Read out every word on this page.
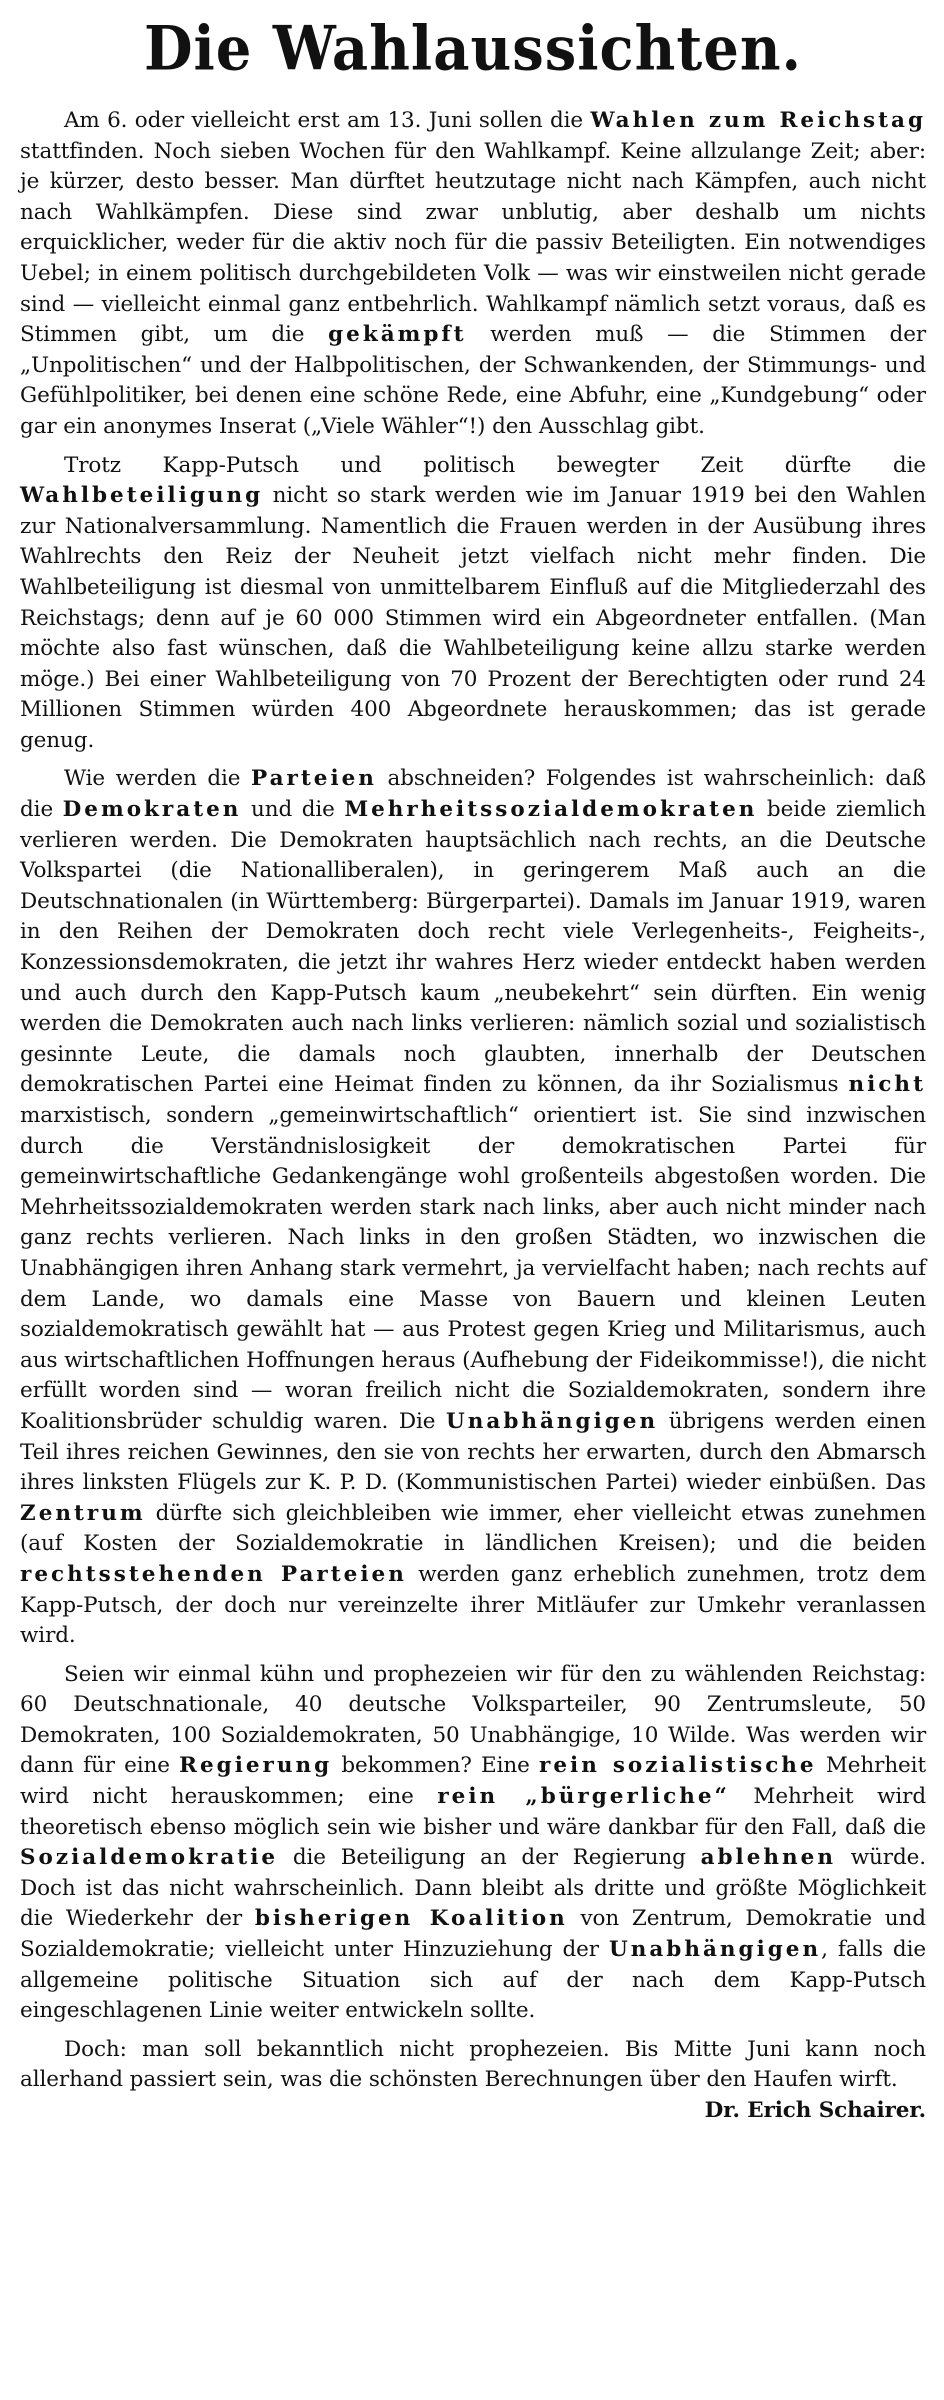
Die Wahlaussichten.

Am 6. oder vielleicht erst am 13. Juni sollen die Wahlen zum Reichstag stattfinden. Noch sieben Wochen für den Wahlkampf. Keine allzulange Zeit; aber: je kürzer, desto besser. Man dürftet heutzutage nicht nach Kämpfen, auch nicht nach Wahlkämpfen. Diese sind zwar unblutig, aber deshalb um nichts erquicklicher, weder für die aktiv noch für die passiv Beteiligten. Ein notwendiges Uebel; in einem politisch durchgebildeten Volk — was wir einstweilen nicht gerade sind — vielleicht einmal ganz entbehrlich. Wahlkampf nämlich setzt voraus, daß es Stimmen gibt, um die gekämpft werden muß — die Stimmen der „Unpolitischen“ und der Halbpolitischen, der Schwankenden, der Stimmungs- und Gefühlpolitiker, bei denen eine schöne Rede, eine Abfuhr, eine „Kundgebung“ oder gar ein anonymes Inserat („Viele Wähler“!) den Ausschlag gibt.

Trotz Kapp-Putsch und politisch bewegter Zeit dürfte die Wahlbeteiligung nicht so stark werden wie im Januar 1919 bei den Wahlen zur Nationalversammlung. Namentlich die Frauen werden in der Ausübung ihres Wahlrechts den Reiz der Neuheit jetzt vielfach nicht mehr finden. Die Wahlbeteiligung ist diesmal von unmittelbarem Einfluß auf die Mitgliederzahl des Reichstags; denn auf je 60 000 Stimmen wird ein Abgeordneter entfallen. (Man möchte also fast wünschen, daß die Wahlbeteiligung keine allzu starke werden möge.) Bei einer Wahlbeteiligung von 70 Prozent der Berechtigten oder rund 24 Millionen Stimmen würden 400 Abgeordnete herauskommen; das ist gerade genug.

Wie werden die Parteien abschneiden? Folgendes ist wahrscheinlich: daß die Demokraten und die Mehrheitssozialdemokraten beide ziemlich verlieren werden. Die Demokraten hauptsächlich nach rechts, an die Deutsche Volkspartei (die Nationalliberalen), in geringerem Maß auch an die Deutschnationalen (in Württemberg: Bürgerpartei). Damals im Januar 1919, waren in den Reihen der Demokraten doch recht viele Verlegenheits-, Feigheits-, Konzessionsdemokraten, die jetzt ihr wahres Herz wieder entdeckt haben werden und auch durch den Kapp-Putsch kaum „neubekehrt“ sein dürften. Ein wenig werden die Demokraten auch nach links verlieren: nämlich sozial und sozialistisch gesinnte Leute, die damals noch glaubten, innerhalb der Deutschen demokratischen Partei eine Heimat finden zu können, da ihr Sozialismus nicht marxistisch, sondern „gemeinwirtschaftlich“ orientiert ist. Sie sind inzwischen durch die Verständnislosigkeit der demokratischen Partei für gemeinwirtschaftliche Gedankengänge wohl großenteils abgestoßen worden. Die Mehrheitssozialdemokraten werden stark nach links, aber auch nicht minder nach ganz rechts verlieren. Nach links in den großen Städten, wo inzwischen die Unabhängigen ihren Anhang stark vermehrt, ja vervielfacht haben; nach rechts auf dem Lande, wo damals eine Masse von Bauern und kleinen Leuten sozialdemokratisch gewählt hat — aus Protest gegen Krieg und Militarismus, auch aus wirtschaftlichen Hoffnungen heraus (Aufhebung der Fideikommisse!), die nicht erfüllt worden sind — woran freilich nicht die Sozialdemokraten, sondern ihre Koalitionsbrüder schuldig waren. Die Unabhängigen übrigens werden einen Teil ihres reichen Gewinnes, den sie von rechts her erwarten, durch den Abmarsch ihres linksten Flügels zur K. P. D. (Kommunistischen Partei) wieder einbüßen. Das Zentrum dürfte sich gleichbleiben wie immer, eher vielleicht etwas zunehmen (auf Kosten der Sozialdemokratie in ländlichen Kreisen); und die beiden rechtsstehenden Parteien werden ganz erheblich zunehmen, trotz dem Kapp-Putsch, der doch nur vereinzelte ihrer Mitläufer zur Umkehr veranlassen wird.

Seien wir einmal kühn und prophezeien wir für den zu wählenden Reichstag: 60 Deutschnationale, 40 deutsche Volksparteiler, 90 Zentrumsleute, 50 Demokraten, 100 Sozialdemokraten, 50 Unabhängige, 10 Wilde. Was werden wir dann für eine Regierung bekommen? Eine rein sozialistische Mehrheit wird nicht herauskommen; eine rein „bürgerliche“ Mehrheit wird theoretisch ebenso möglich sein wie bisher und wäre dankbar für den Fall, daß die Sozialdemokratie die Beteiligung an der Regierung ablehnen würde. Doch ist das nicht wahrscheinlich. Dann bleibt als dritte und größte Möglichkeit die Wiederkehr der bisherigen Koalition von Zentrum, Demokratie und Sozialdemokratie; vielleicht unter Hinzuziehung der Unabhängigen, falls die allgemeine politische Situation sich auf der nach dem Kapp-Putsch eingeschlagenen Linie weiter entwickeln sollte.

Doch: man soll bekanntlich nicht prophezeien. Bis Mitte Juni kann noch allerhand passiert sein, was die schönsten Berechnungen über den Haufen wirft.
Dr. Erich Schairer.
